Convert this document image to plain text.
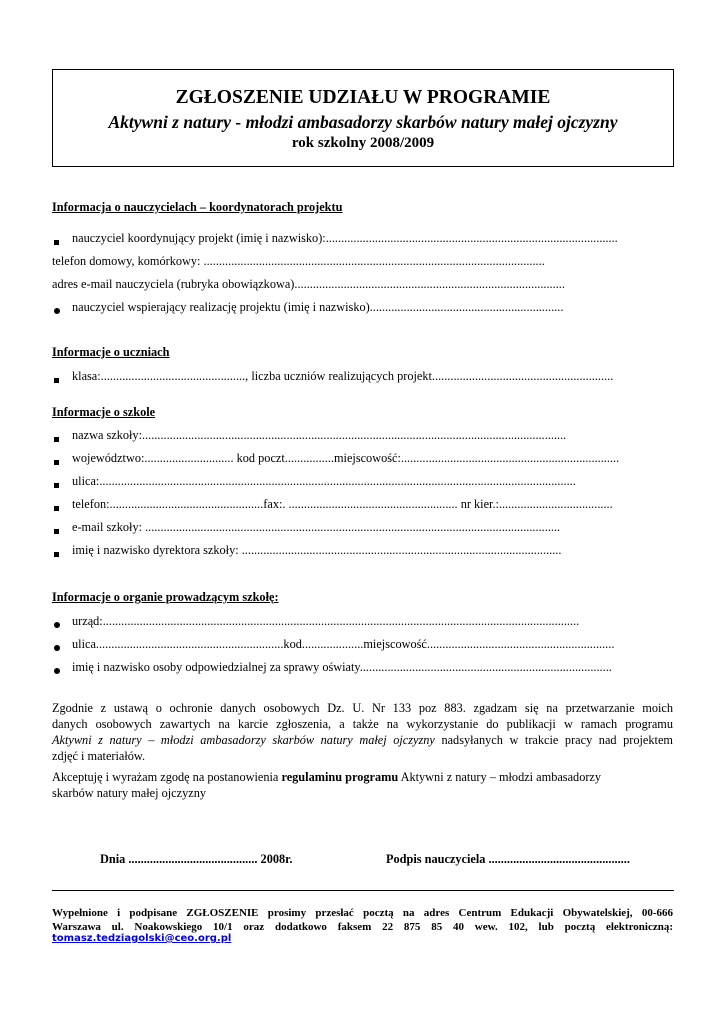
ZGŁOSZENIE UDZIAŁU W PROGRAMIE
Aktywni z natury - młodzi ambasadorzy skarbów natury małej ojczyzny
rok szkolny 2008/2009
Informacja o nauczycielach – koordynatorach projektu
nauczyciel koordynujący projekt (imię i nazwisko):...............................................................................................
telefon domowy, komórkowy: ...............................................................................................................
adres e-mail nauczyciela (rubryka obowiązkowa)........................................................................................
nauczyciel wspierający realizację projektu (imię i nazwisko)...............................................................
Informacje o uczniach
klasa:..............................................., liczba uczniów realizujących projekt...........................................................
Informacje o szkole
nazwa szkoły:..........................................................................................................................................
województwo:............................. kod poczt................miejscowość:.......................................................................
ulica:...........................................................................................................................................................
telefon:..................................................fax:. ....................................................... nr kier.:.....................................
e-mail szkoły: .......................................................................................................................................
imię i nazwisko dyrektora szkoły: ........................................................................................................
Informacje o organie prowadzącym szkołę:
urząd:...........................................................................................................................................................
ulica.............................................................kod....................miejscowość.............................................................
imię i nazwisko osoby odpowiedzialnej za sprawy oświaty..................................................................................
Zgodnie z ustawą o ochronie danych osobowych Dz. U. Nr 133 poz 883. zgadzam się na przetwarzanie moich
danych osobowych zawartych na karcie zgłoszenia, a także na wykorzystanie do publikacji w ramach programu
Aktywni z natury – młodzi ambasadorzy skarbów natury małej ojczyzny nadsyłanych w trakcie pracy nad projektem
zdjęć i materiałów.
Akceptuję i wyrażam zgodę na postanowienia regulaminu programu Aktywni z natury – młodzi ambasadorzy
skarbów natury małej ojczyzny
Dnia .......................................... 2008r.	Podpis nauczyciela ..............................................
Wypełnione i podpisane ZGŁOSZENIE prosimy przesłać pocztą na adres Centrum Edukacji Obywatelskiej, 00-666
Warszawa ul. Noakowskiego 10/1 oraz dodatkowo faksem 22 875 85 40 wew. 102, lub pocztą elektroniczną:
tomasz.tedziagolski@ceo.org.pl
